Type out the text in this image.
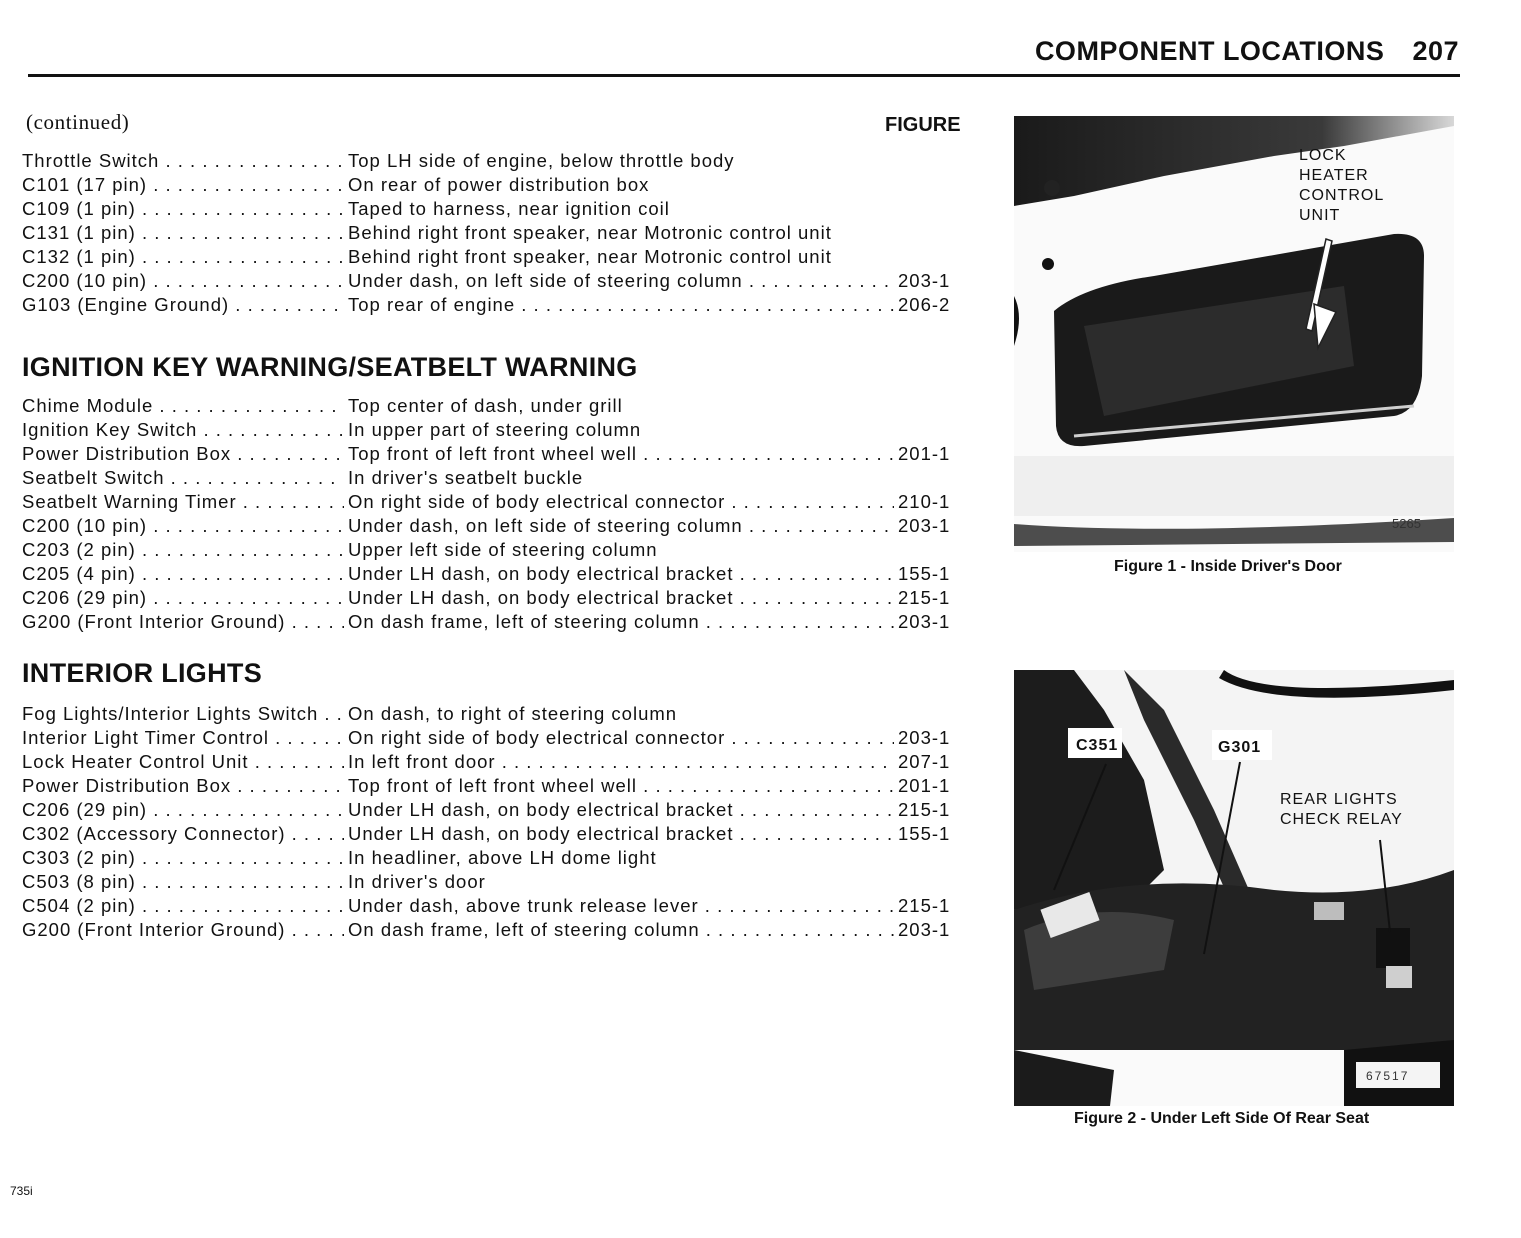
COMPONENT LOCATIONS 207
(continued)	FIGURE
Throttle Switch . . .	Top LH side of engine, below throttle body
C101 (17 pin) . . .	On rear of power distribution box
C109 (1 pin) . . .	Taped to harness, near ignition coil
C131 (1 pin) . . .	Behind right front speaker, near Motronic control unit
C132 (1 pin) . . .	Behind right front speaker, near Motronic control unit
C200 (10 pin) . . .	Under dash, on left side of steering column . . .	203-1
G103 (Engine Ground) . . .	Top rear of engine . . .	206-2
IGNITION KEY WARNING/SEATBELT WARNING
Chime Module . . .	Top center of dash, under grill
Ignition Key Switch . . .	In upper part of steering column
Power Distribution Box . . .	Top front of left front wheel well . . .	201-1
Seatbelt Switch . . .	In driver's seatbelt buckle
Seatbelt Warning Timer . . .	On right side of body electrical connector . . .	210-1
C200 (10 pin) . . .	Under dash, on left side of steering column . . .	203-1
C203 (2 pin) . . .	Upper left side of steering column
C205 (4 pin) . . .	Under LH dash, on body electrical bracket . . .	155-1
C206 (29 pin) . . .	Under LH dash, on body electrical bracket . . .	215-1
G200 (Front Interior Ground) . . .	On dash frame, left of steering column . . .	203-1
INTERIOR LIGHTS
Fog Lights/Interior Lights Switch . . .	On dash, to right of steering column
Interior Light Timer Control . . .	On right side of body electrical connector . . .	203-1
Lock Heater Control Unit . . .	In left front door . . .	207-1
Power Distribution Box . . .	Top front of left front wheel well . . .	201-1
C206 (29 pin) . . .	Under LH dash, on body electrical bracket . . .	215-1
C302 (Accessory Connector) . . .	Under LH dash, on body electrical bracket . . .	155-1
C303 (2 pin) . . .	In headliner, above LH dome light
C503 (8 pin) . . .	In driver's door
C504 (2 pin) . . .	Under dash, above trunk release lever . . .	215-1
G200 (Front Interior Ground) . . .	On dash frame, left of steering column . . .	203-1
LOCK
HEATER
CONTROL
UNIT
5265
Figure 1 - Inside Driver's Door
C351	G301
REAR LIGHTS
CHECK RELAY
67517
Figure 2 - Under Left Side Of Rear Seat
735i
